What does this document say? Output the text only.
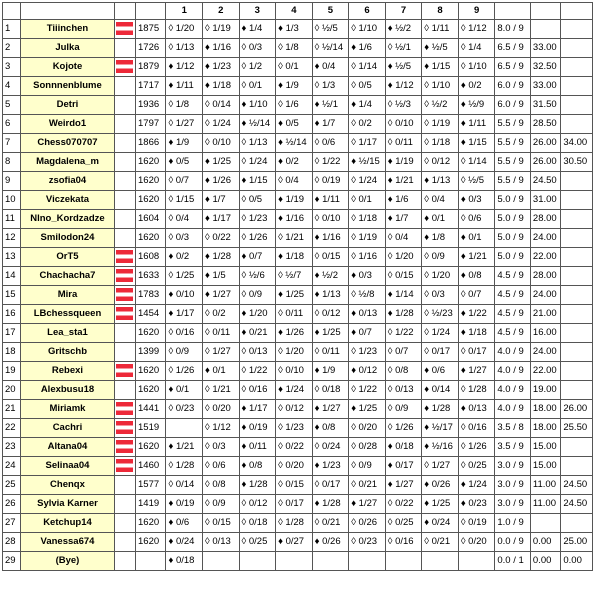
				1	2	3	4	5	6	7	8	9			
1	Tiiinchen		1875	◊ 1/20	◊ 1/19	♦ 1/4	♦ 1/3	◊ ½/5	◊ 1/10	♦ ½/2	◊ 1/11	◊ 1/12	8.0 / 9		
2	Julka		1726	◊ 1/13	♦ 1/16	◊ 0/3	◊ 1/8	◊ ½/14	♦ 1/6	◊ ½/1	♦ ½/5	◊ 1/4	6.5 / 9	33.00	
3	Kojote		1879	♦ 1/12	♦ 1/23	◊ 1/2	◊ 0/1	♦ 0/4	◊ 1/14	♦ ½/5	♦ 1/15	◊ 1/10	6.5 / 9	32.50	
4	Sonnnenblume		1717	♦ 1/11	♦ 1/18	◊ 0/1	♦ 1/9	◊ 1/3	◊ 0/5	♦ 1/12	◊ 1/10	♦ 0/2	6.0 / 9	33.00	
5	Detri		1936	◊ 1/8	◊ 0/14	♦ 1/10	◊ 1/6	♦ ½/1	♦ 1/4	◊ ½/3	◊ ½/2	♦ ½/9	6.0 / 9	31.50	
6	Weirdo1		1797	◊ 1/27	◊ 1/24	♦ ½/14	♦ 0/5	♦ 1/7	◊ 0/2	◊ 0/10	◊ 1/19	♦ 1/11	5.5 / 9	28.50	
7	Chess070707		1866	♦ 1/9	◊ 0/10	◊ 1/13	♦ ½/14	◊ 0/6	◊ 1/17	◊ 0/11	◊ 1/18	♦ 1/15	5.5 / 9	26.00	34.00
8	Magdalena_m		1620	♦ 0/5	♦ 1/25	◊ 1/24	♦ 0/2	◊ 1/22	♦ ½/15	♦ 1/19	◊ 0/12	◊ 1/14	5.5 / 9	26.00	30.50
9	zsofia04		1620	◊ 0/7	♦ 1/26	♦ 1/15	◊ 0/4	◊ 0/19	◊ 1/24	♦ 1/21	♦ 1/13	◊ ½/5	5.5 / 9	24.50	
10	Viczekata		1620	◊ 1/15	♦ 1/7	◊ 0/5	♦ 1/19	♦ 1/11	◊ 0/1	♦ 1/6	◊ 0/4	♦ 0/3	5.0 / 9	31.00	
11	Nlno_Kordzadze		1604	◊ 0/4	♦ 1/17	◊ 1/23	♦ 1/16	◊ 0/10	◊ 1/18	♦ 1/7	♦ 0/1	◊ 0/6	5.0 / 9	28.00	
12	Smilodon24		1620	◊ 0/3	◊ 0/22	◊ 1/26	◊ 1/21	♦ 1/16	◊ 1/19	◊ 0/4	♦ 1/8	♦ 0/1	5.0 / 9	24.00	
13	OrT5		1608	♦ 0/2	♦ 1/28	♦ 0/7	♦ 1/18	◊ 0/15	◊ 1/16	◊ 1/20	◊ 0/9	♦ 1/21	5.0 / 9	22.00	
14	Chachacha7		1633	◊ 1/25	♦ 1/5	◊ ½/6	◊ ½/7	♦ ½/2	♦ 0/3	◊ 0/15	◊ 1/20	♦ 0/8	4.5 / 9	28.00	
15	Mira		1783	♦ 0/10	♦ 1/27	◊ 0/9	♦ 1/25	♦ 1/13	◊ ½/8	♦ 1/14	◊ 0/3	◊ 0/7	4.5 / 9	24.00	
16	LBchessqueen		1454	♦ 1/17	◊ 0/2	♦ 1/20	◊ 0/11	◊ 0/12	♦ 0/13	♦ 1/28	◊ ½/23	♦ 1/22	4.5 / 9	21.00	
17	Lea_sta1		1620	◊ 0/16	◊ 0/11	♦ 0/21	♦ 1/26	♦ 1/25	♦ 0/7	◊ 1/22	◊ 1/24	♦ 1/18	4.5 / 9	16.00	
18	Gritschb		1399	◊ 0/9	◊ 1/27	◊ 0/13	◊ 1/20	◊ 0/11	◊ 1/23	◊ 0/7	◊ 0/17	◊ 0/17	4.0 / 9	24.00	
19	Rebexi		1620	◊ 1/26	♦ 0/1	◊ 1/22	◊ 0/10	♦ 1/9	♦ 0/12	◊ 0/8	♦ 0/6	♦ 1/27	4.0 / 9	22.00	
20	Alexbusu18		1620	♦ 0/1	◊ 1/21	◊ 0/16	♦ 1/24	◊ 0/18	◊ 1/22	◊ 0/13	♦ 0/14	◊ 1/28	4.0 / 9	19.00	
21	Miriamk		1441	◊ 0/23	◊ 0/20	♦ 1/17	◊ 0/12	♦ 1/27	♦ 1/25	◊ 0/9	♦ 1/28	♦ 0/13	4.0 / 9	18.00	26.00
22	Cachri		1519		◊ 1/12	♦ 0/19	◊ 1/23	♦ 0/8	◊ 0/20	◊ 1/26	♦ ½/17	◊ 0/16	3.5 / 8	18.00	25.50
23	Altana04		1620	♦ 1/21	◊ 0/3	♦ 0/11	◊ 0/22	◊ 0/24	◊ 0/28	♦ 0/18	♦ ½/16	◊ 1/26	3.5 / 9	15.00	
24	Selinaa04		1460	◊ 1/28	◊ 0/6	♦ 0/8	◊ 0/20	♦ 1/23	◊ 0/9	♦ 0/17	◊ 1/27	◊ 0/25	3.0 / 9	15.00	
25	Chenqx		1577	◊ 0/14	◊ 0/8	♦ 1/28	◊ 0/15	◊ 0/17	◊ 0/21	♦ 1/27	♦ 0/26	♦ 1/24	3.0 / 9	11.00	24.50
26	Sylvia Karner		1419	♦ 0/19	◊ 0/9	◊ 0/12	◊ 0/17	♦ 1/28	♦ 1/27	◊ 0/22	♦ 1/25	♦ 0/23	3.0 / 9	11.00	24.50
27	Ketchup14		1620	♦ 0/6	◊ 0/15	◊ 0/18	◊ 1/28	◊ 0/21	◊ 0/26	◊ 0/25	♦ 0/24	◊ 0/19	1.0 / 9		
28	Vanessa674		1620	♦ 0/24	◊ 0/13	◊ 0/25	♦ 0/27	♦ 0/26	◊ 0/23	◊ 0/16	◊ 0/21	◊ 0/20	0.0 / 9	0.00	25.00
29	(Bye)			♦ 0/18									0.0 / 1	0.00	0.00
